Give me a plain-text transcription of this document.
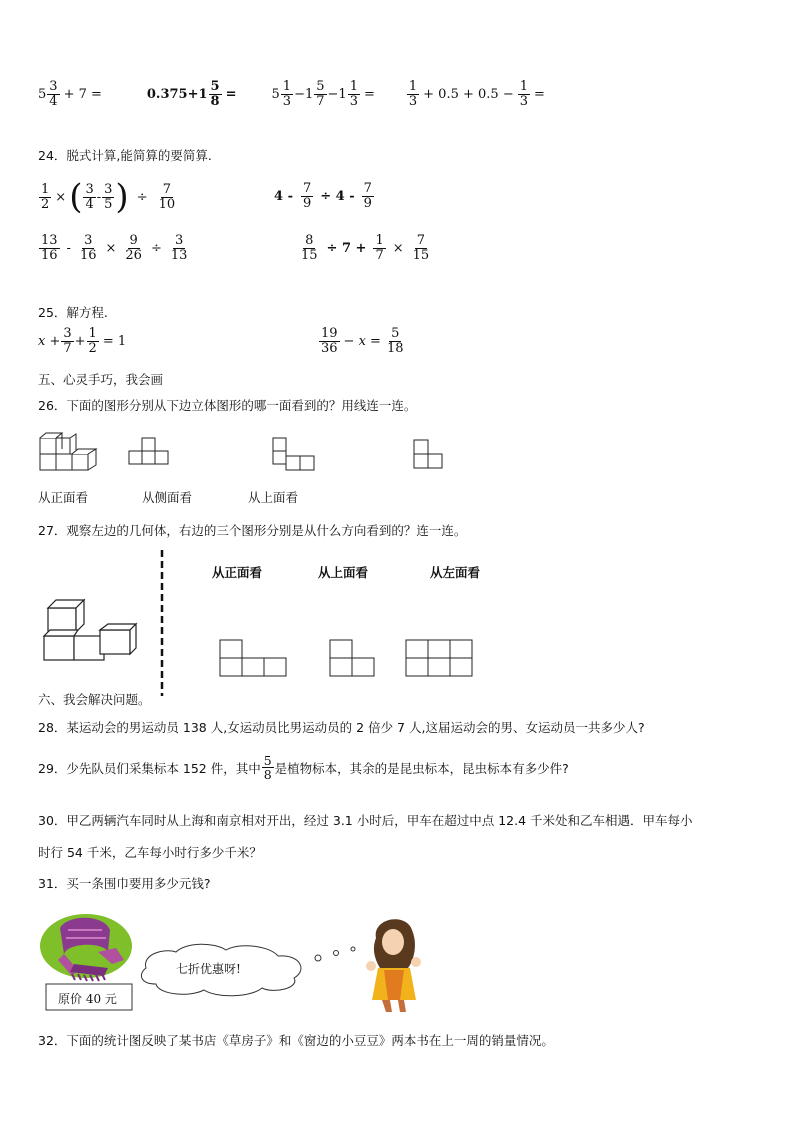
$5 \frac{3}{4} + 7$ =	$0.375+1 \frac{5}{8}$ =	$5 \frac{1}{3} -1 \frac{5}{7} -1 \frac{1}{3} = \frac{1}{3} + 0.5 + 0.5 - \frac{1}{3}$ =
24．脱式计算,能简算的要简算.
$\frac{1}{2}$ × ( $\frac{3}{4} - \frac{3}{5}$ ) ÷ $\frac{7}{10}$	$4 - \frac{7}{9} \div 4 - \frac{7}{9}$
$\frac{13}{16} - \frac{3}{16} \times \frac{9}{26} \div \frac{3}{13}$	$\frac{8}{15} \div 7 + \frac{1}{7} \times \frac{7}{15}$
25．解方程.
$x + \frac{3}{7} + \frac{1}{2} = 1$	$\frac{19}{36} - x = \frac{5}{18}$
五、心灵手巧，我会画
26．下面的图形分别从下边立体图形的哪一面看到的？用线连一连。
从正面看	从侧面看	从上面看
27．观察左边的几何体，右边的三个图形分别是从什么方向看到的？连一连。
从正面看	从上面看	从左面看
六、我会解决问题。
28．某运动会的男运动员 138 人,女运动员比男运动员的 2 倍少 7 人,这届运动会的男、女运动员一共多少人?
29．少先队员们采集标本 152 件，其中 $\frac{5}{8}$ 是植物标本，其余的是昆虫标本，昆虫标本有多少件?
30．甲乙两辆汽车同时从上海和南京相对开出，经过 3.1 小时后，甲车在超过中点 12.4 千米处和乙车相遇．甲车每小
时行 54 千米，乙车每小时行多少千米？
31．买一条围巾要用多少元钱?
七折优惠呀!
原价 40 元
32．下面的统计图反映了某书店《草房子》和《窗边的小豆豆》两本书在上一周的销量情况。
